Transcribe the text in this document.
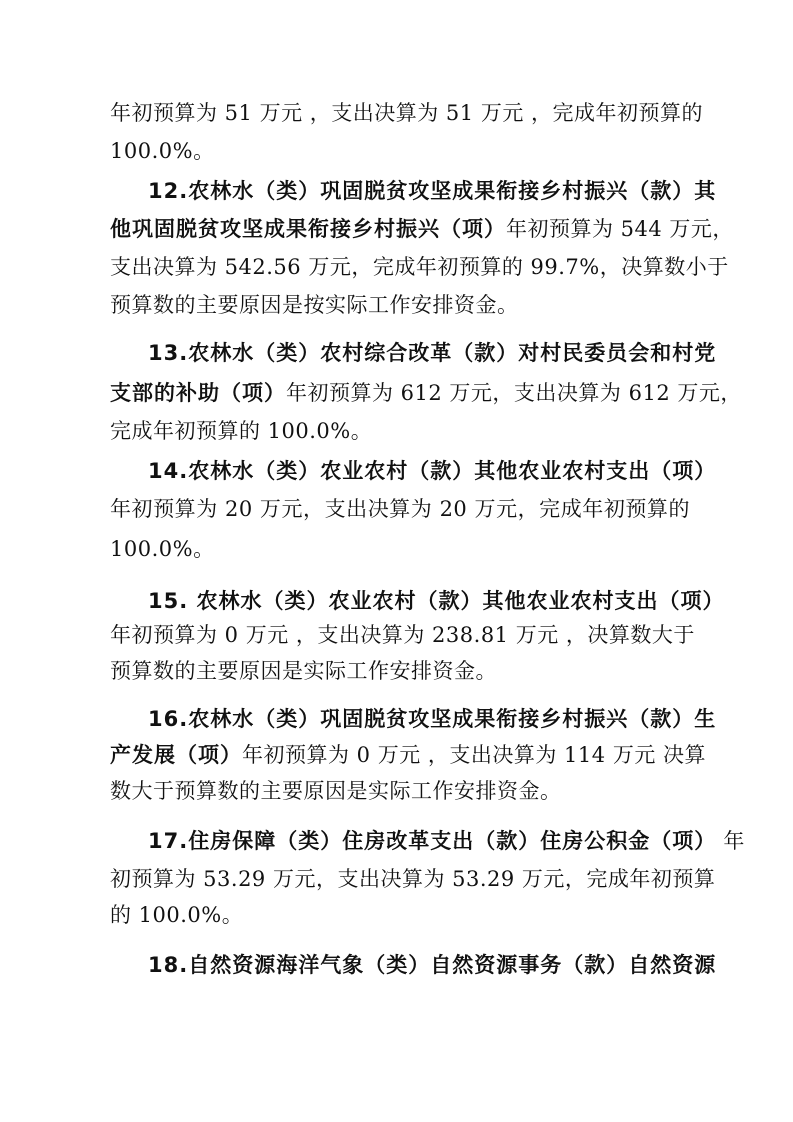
年初预算为 51 万元 ，支出决算为 51 万元 ，完成年初预算的
100.0%。
12.农林水（类）巩固脱贫攻坚成果衔接乡村振兴（款）其
他巩固脱贫攻坚成果衔接乡村振兴（项）年初预算为 544 万元，
支出决算为 542.56 万元，完成年初预算的 99.7%，决算数小于
预算数的主要原因是按实际工作安排资金。
13.农林水（类）农村综合改革（款）对村民委员会和村党
支部的补助（项）年初预算为 612 万元，支出决算为 612 万元，
完成年初预算的 100.0%。
14.农林水（类）农业农村（款）其他农业农村支出（项）
年初预算为 20 万元，支出决算为 20 万元，完成年初预算的
100.0%。
15. 农林水（类）农业农村（款）其他农业农村支出（项）
年初预算为 0 万元 ，支出决算为 238.81 万元 ，决算数大于
预算数的主要原因是实际工作安排资金。
16.农林水（类）巩固脱贫攻坚成果衔接乡村振兴（款）生
产发展（项）年初预算为 0 万元 ，支出决算为 114 万元 决算
数大于预算数的主要原因是实际工作安排资金。
17.住房保障（类）住房改革支出（款）住房公积金（项） 年
初预算为 53.29 万元，支出决算为 53.29 万元，完成年初预算
的 100.0%。
18.自然资源海洋气象（类）自然资源事务（款）自然资源
